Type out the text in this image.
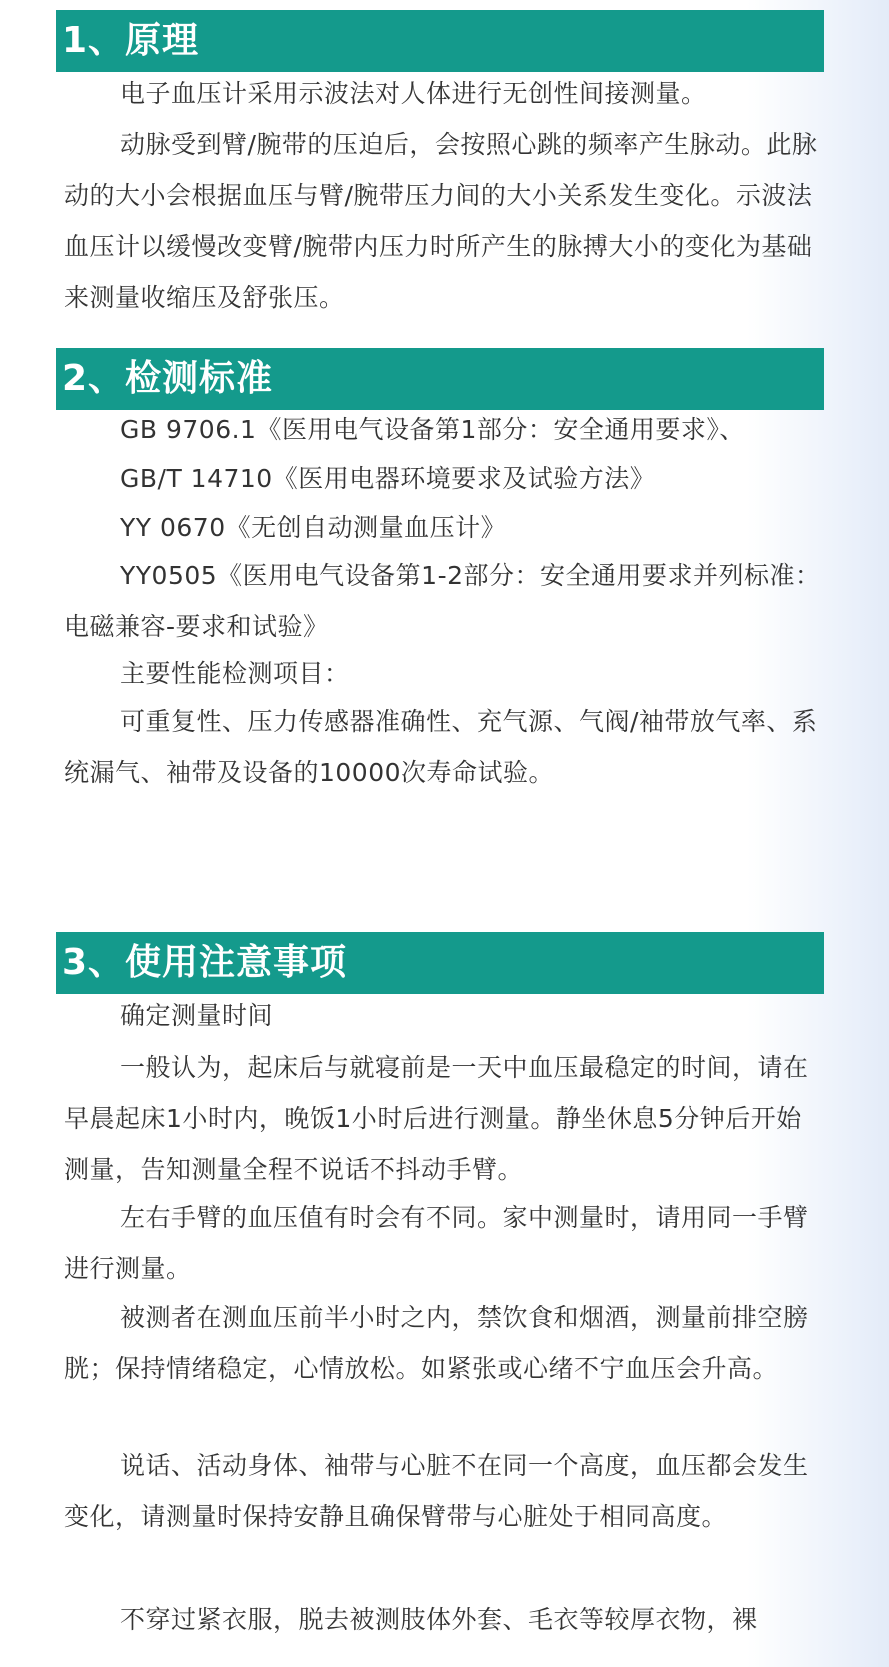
1、原理

电子血压计采用示波法对人体进行无创性间接测量。

动脉受到臂/腕带的压迫后，会按照心跳的频率产生脉动。此脉动的大小会根据血压与臂/腕带压力间的大小关系发生变化。示波法血压计以缓慢改变臂/腕带内压力时所产生的脉搏大小的变化为基础来测量收缩压及舒张压。

2、检测标准

GB 9706.1《医用电气设备第1部分：安全通用要求》、

GB/T 14710《医用电器环境要求及试验方法》

YY 0670《无创自动测量血压计》

YY0505《医用电气设备第1-2部分：安全通用要求并列标准：电磁兼容-要求和试验》

主要性能检测项目：

可重复性、压力传感器准确性、充气源、气阀/袖带放气率、系统漏气、袖带及设备的10000次寿命试验。

3、使用注意事项

确定测量时间

一般认为，起床后与就寝前是一天中血压最稳定的时间，请在早晨起床1小时内，晚饭1小时后进行测量。静坐休息5分钟后开始测量，告知测量全程不说话不抖动手臂。

左右手臂的血压值有时会有不同。家中测量时，请用同一手臂进行测量。

被测者在测血压前半小时之内，禁饮食和烟酒，测量前排空膀胱；保持情绪稳定，心情放松。如紧张或心绪不宁血压会升高。

说话、活动身体、袖带与心脏不在同一个高度，血压都会发生变化，请测量时保持安静且确保臂带与心脏处于相同高度。

不穿过紧衣服，脱去被测肢体外套、毛衣等较厚衣物，裸
